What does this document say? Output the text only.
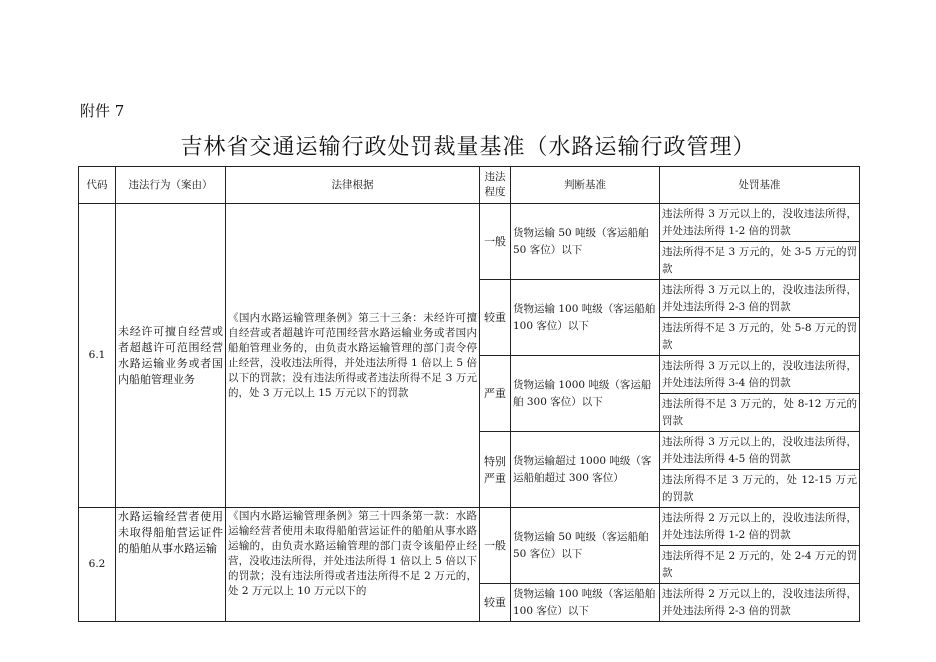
附件 7
吉林省交通运输行政处罚裁量基准（水路运输行政管理）
代码	违法行为（案由）	法律根据	违法程度	判断基准	处罚基准
6.1	未经许可擅自经营或者超越许可范围经营水路运输业务或者国内船舶管理业务	《国内水路运输管理条例》第三十三条：未经许可擅自经营或者超越许可范围经营水路运输业务或者国内船舶管理业务的，由负责水路运输管理的部门责令停止经营，没收违法所得，并处违法所得 1 倍以上 5 倍以下的罚款；没有违法所得或者违法所得不足 3 万元的，处 3 万元以上 15 万元以下的罚款	一般	货物运输 50 吨级（客运船舶 50 客位）以下	违法所得 3 万元以上的，没收违法所得，并处违法所得 1-2 倍的罚款
					违法所得不足 3 万元的，处 3-5 万元的罚款
			较重	货物运输 100 吨级（客运船舶 100 客位）以下	违法所得 3 万元以上的，没收违法所得，并处违法所得 2-3 倍的罚款
					违法所得不足 3 万元的，处 5-8 万元的罚款
			严重	货物运输 1000 吨级（客运船舶 300 客位）以下	违法所得 3 万元以上的，没收违法所得，并处违法所得 3-4 倍的罚款
					违法所得不足 3 万元的，处 8-12 万元的罚款
			特别严重	货物运输超过 1000 吨级（客运船舶超过 300 客位）	违法所得 3 万元以上的，没收违法所得，并处违法所得 4-5 倍的罚款
					违法所得不足 3 万元的，处 12-15 万元的罚款
6.2	水路运输经营者使用未取得船舶营运证件的船舶从事水路运输	《国内水路运输管理条例》第三十四条第一款：水路运输经营者使用未取得船舶营运证件的船舶从事水路运输的，由负责水路运输管理的部门责令该船停止经营，没收违法所得，并处违法所得 1 倍以上 5 倍以下的罚款；没有违法所得或者违法所得不足 2 万元的，处 2 万元以上 10 万元以下的	一般	货物运输 50 吨级（客运船舶 50 客位）以下	违法所得 2 万元以上的，没收违法所得，并处违法所得 1-2 倍的罚款
					违法所得不足 2 万元的，处 2-4 万元的罚款
			较重	货物运输 100 吨级（客运船舶 100 客位）以下	违法所得 2 万元以上的，没收违法所得，并处违法所得 2-3 倍的罚款
